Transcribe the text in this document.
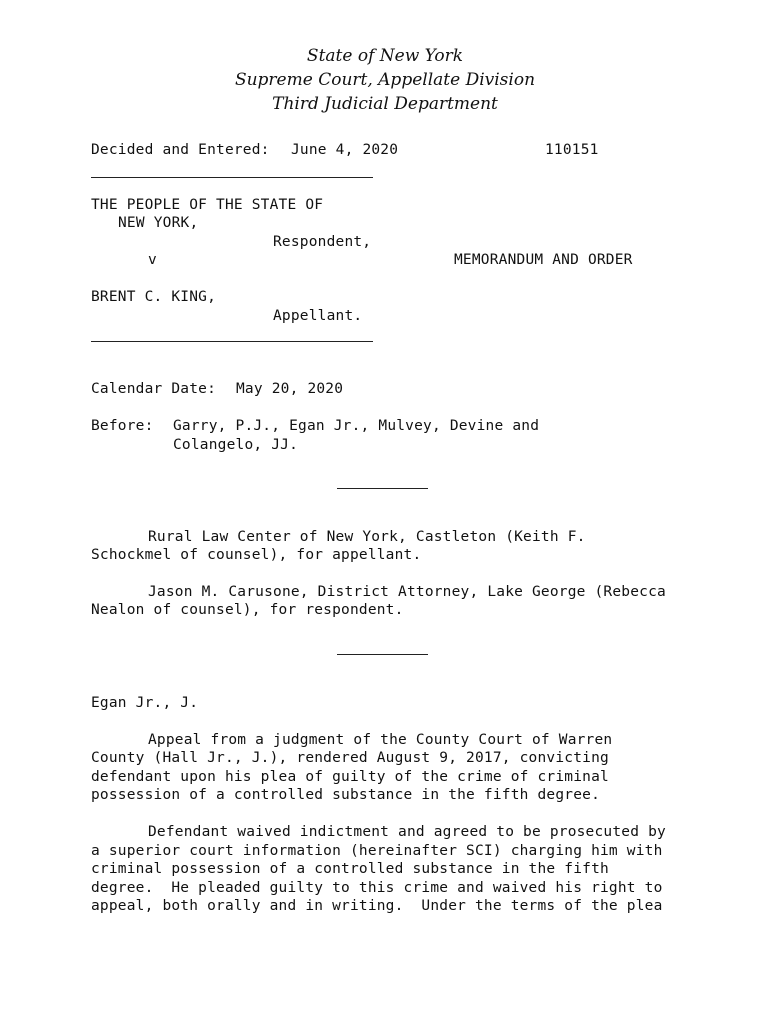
State of New York
Supreme Court, Appellate Division
Third Judicial Department
Decided and Entered: June 4, 2020	110151
THE PEOPLE OF THE STATE OF
NEW YORK,
Respondent,
v	MEMORANDUM AND ORDER
BRENT C. KING,
Appellant.
Calendar Date: May 20, 2020
Before: Garry, P.J., Egan Jr., Mulvey, Devine and
Colangelo, JJ.
Rural Law Center of New York, Castleton (Keith F.
Schockmel of counsel), for appellant.
Jason M. Carusone, District Attorney, Lake George (Rebecca
Nealon of counsel), for respondent.
Egan Jr., J.
Appeal from a judgment of the County Court of Warren
County (Hall Jr., J.), rendered August 9, 2017, convicting
defendant upon his plea of guilty of the crime of criminal
possession of a controlled substance in the fifth degree.
Defendant waived indictment and agreed to be prosecuted by
a superior court information (hereinafter SCI) charging him with
criminal possession of a controlled substance in the fifth
degree.  He pleaded guilty to this crime and waived his right to
appeal, both orally and in writing.  Under the terms of the plea
